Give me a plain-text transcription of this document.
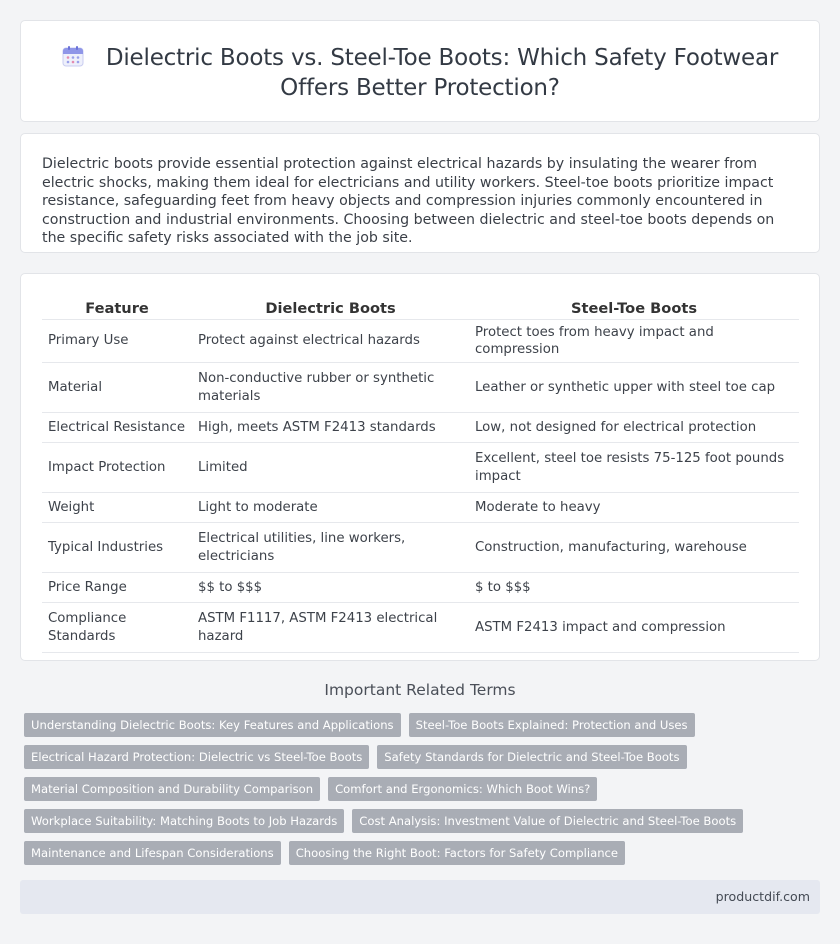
Dielectric Boots vs. Steel-Toe Boots: Which Safety Footwear
Offers Better Protection?

Dielectric boots provide essential protection against electrical hazards by insulating the wearer from electric shocks, making them ideal for electricians and utility workers. Steel-toe boots prioritize impact resistance, safeguarding feet from heavy objects and compression injuries commonly encountered in construction and industrial environments. Choosing between dielectric and steel-toe boots depends on the specific safety risks associated with the job site.

Feature	Dielectric Boots	Steel-Toe Boots
Primary Use	Protect against electrical hazards	Protect toes from heavy impact and compression
Material	Non-conductive rubber or synthetic materials	Leather or synthetic upper with steel toe cap
Electrical Resistance	High, meets ASTM F2413 standards	Low, not designed for electrical protection
Impact Protection	Limited	Excellent, steel toe resists 75-125 foot pounds impact
Weight	Light to moderate	Moderate to heavy
Typical Industries	Electrical utilities, line workers, electricians	Construction, manufacturing, warehouse
Price Range	$$ to $$$	$ to $$$
Compliance Standards	ASTM F1117, ASTM F2413 electrical hazard	ASTM F2413 impact and compression
Important Related Terms
Understanding Dielectric Boots: Key Features and Applications	Steel-Toe Boots Explained: Protection and Uses
Electrical Hazard Protection: Dielectric vs Steel-Toe Boots	Safety Standards for Dielectric and Steel-Toe Boots
Material Composition and Durability Comparison	Comfort and Ergonomics: Which Boot Wins?
Workplace Suitability: Matching Boots to Job Hazards	Cost Analysis: Investment Value of Dielectric and Steel-Toe Boots
Maintenance and Lifespan Considerations	Choosing the Right Boot: Factors for Safety Compliance
productdif.com
